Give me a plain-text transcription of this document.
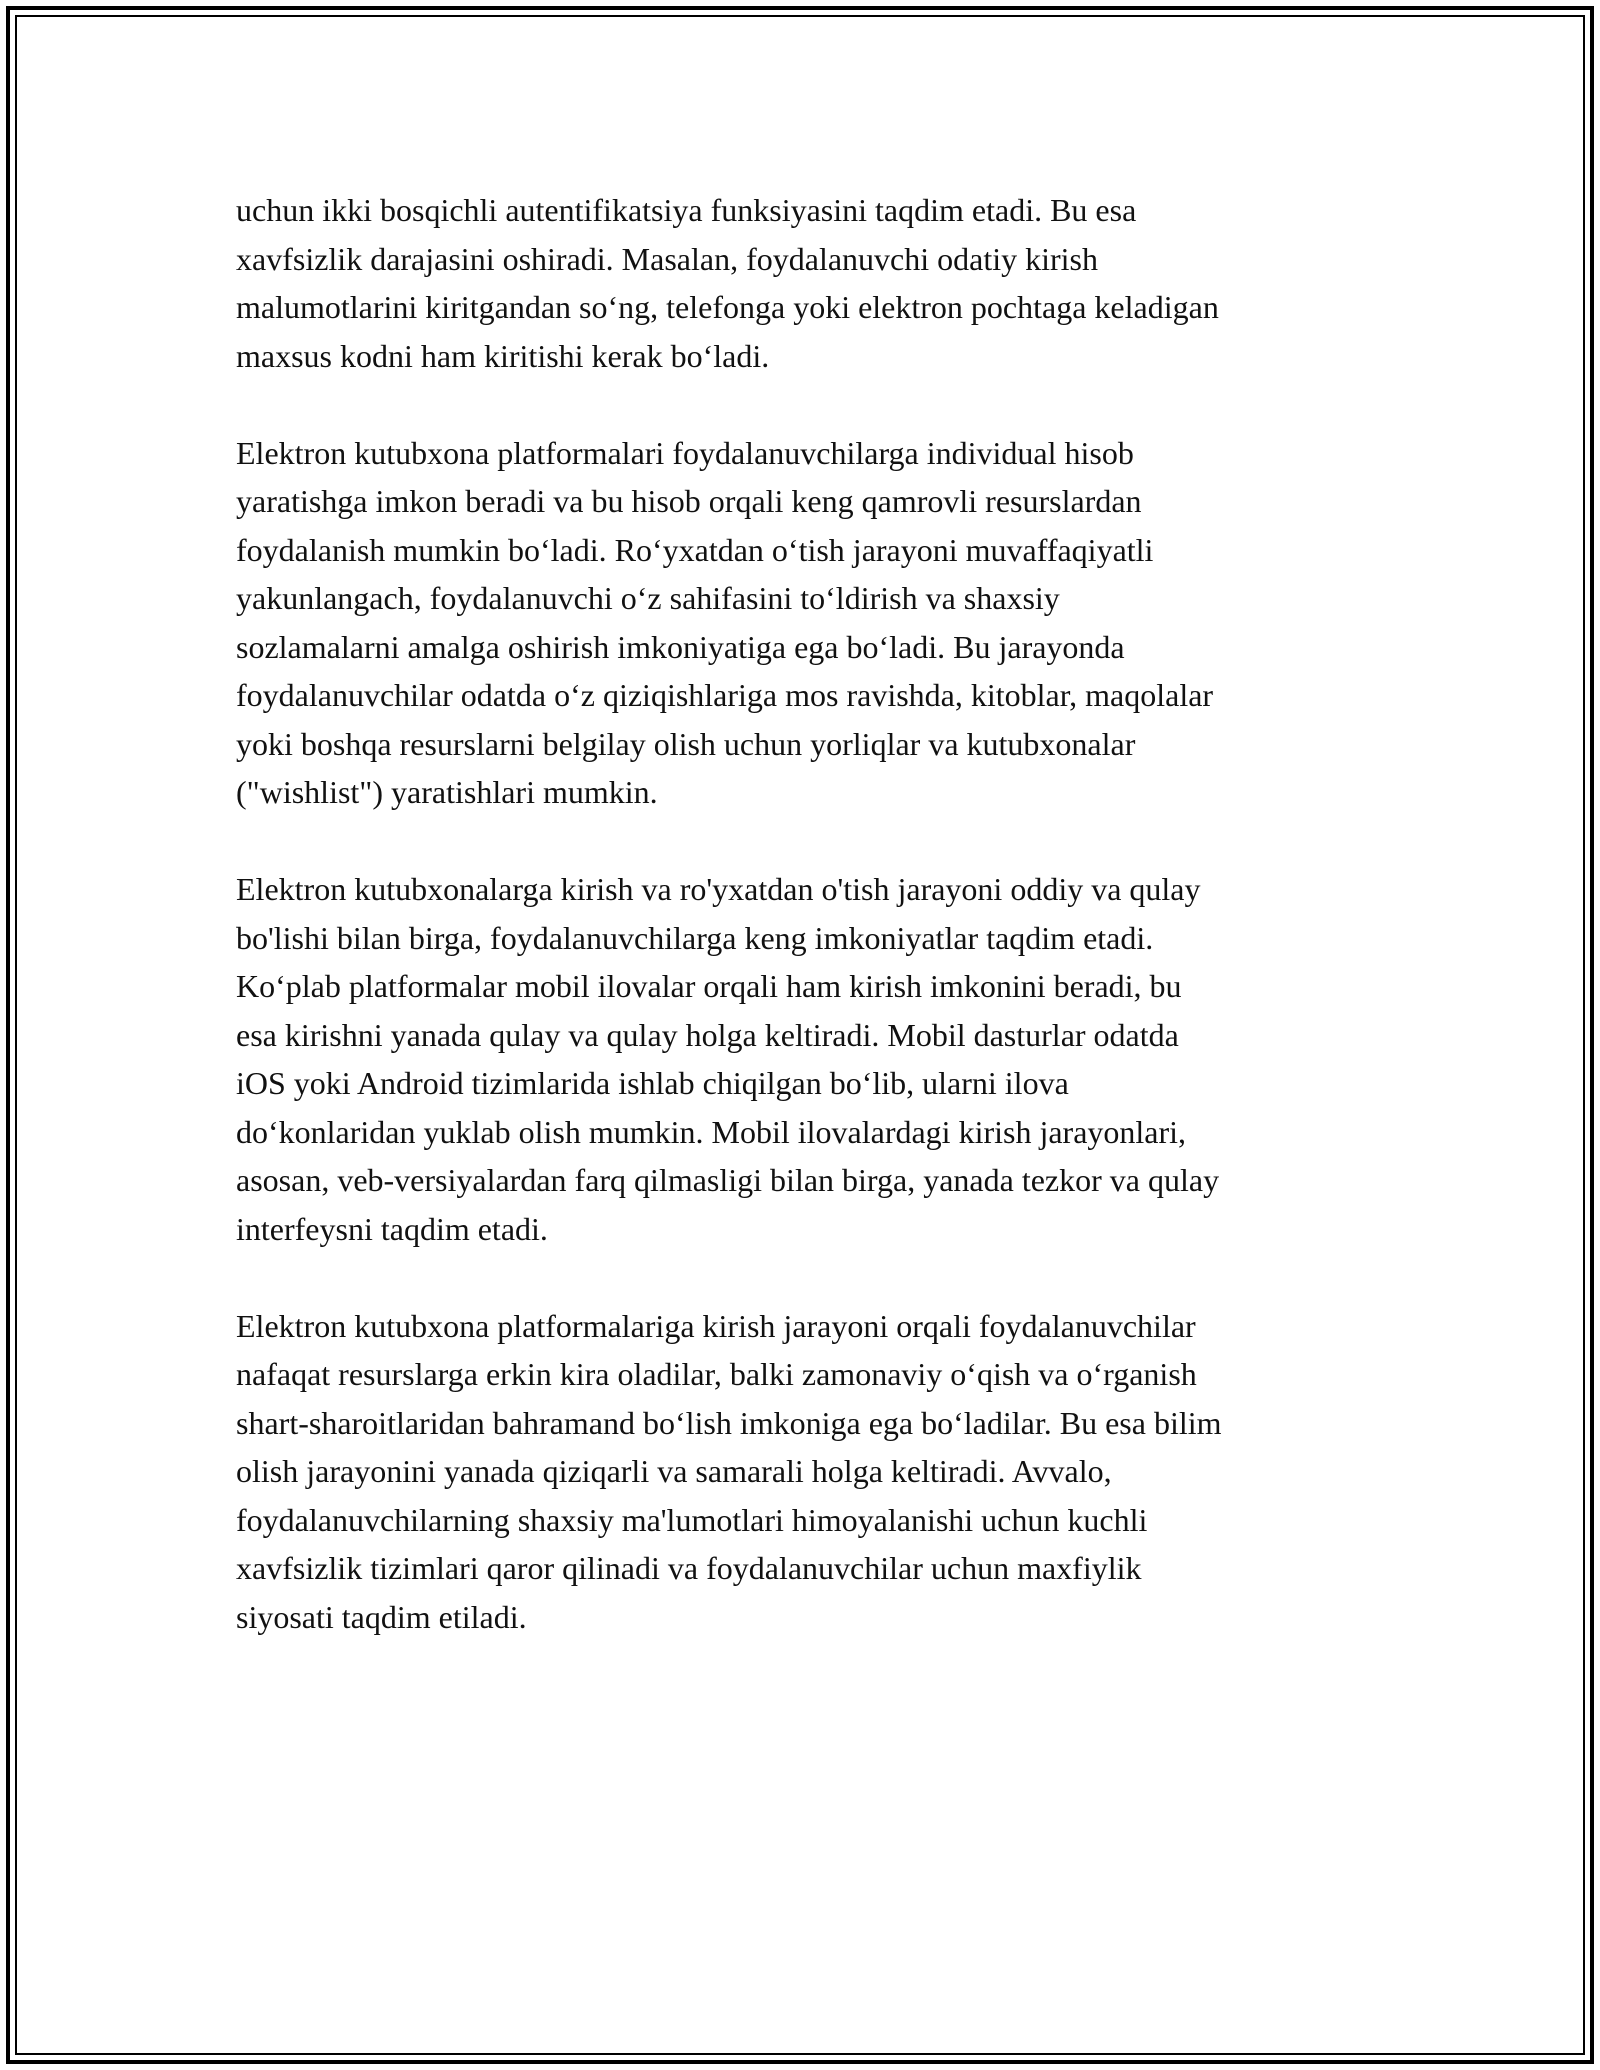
uchun ikki bosqichli autentifikatsiya funksiyasini taqdim etadi. Bu esa
xavfsizlik darajasini oshiradi. Masalan, foydalanuvchi odatiy kirish
malumotlarini kiritgandan so‘ng, telefonga yoki elektron pochtaga keladigan
maxsus kodni ham kiritishi kerak bo‘ladi.

Elektron kutubxona platformalari foydalanuvchilarga individual hisob
yaratishga imkon beradi va bu hisob orqali keng qamrovli resurslardan
foydalanish mumkin bo‘ladi. Ro‘yxatdan o‘tish jarayoni muvaffaqiyatli
yakunlangach, foydalanuvchi o‘z sahifasini to‘ldirish va shaxsiy
sozlamalarni amalga oshirish imkoniyatiga ega bo‘ladi. Bu jarayonda
foydalanuvchilar odatda o‘z qiziqishlariga mos ravishda, kitoblar, maqolalar
yoki boshqa resurslarni belgilay olish uchun yorliqlar va kutubxonalar
("wishlist") yaratishlari mumkin.

Elektron kutubxonalarga kirish va ro'yxatdan o'tish jarayoni oddiy va qulay
bo'lishi bilan birga, foydalanuvchilarga keng imkoniyatlar taqdim etadi.
Ko‘plab platformalar mobil ilovalar orqali ham kirish imkonini beradi, bu
esa kirishni yanada qulay va qulay holga keltiradi. Mobil dasturlar odatda
iOS yoki Android tizimlarida ishlab chiqilgan bo‘lib, ularni ilova
do‘konlaridan yuklab olish mumkin. Mobil ilovalardagi kirish jarayonlari,
asosan, veb-versiyalardan farq qilmasligi bilan birga, yanada tezkor va qulay
interfeysni taqdim etadi.

Elektron kutubxona platformalariga kirish jarayoni orqali foydalanuvchilar
nafaqat resurslarga erkin kira oladilar, balki zamonaviy o‘qish va o‘rganish
shart-sharoitlaridan bahramand bo‘lish imkoniga ega bo‘ladilar. Bu esa bilim
olish jarayonini yanada qiziqarli va samarali holga keltiradi. Avvalo,
foydalanuvchilarning shaxsiy ma'lumotlari himoyalanishi uchun kuchli
xavfsizlik tizimlari qaror qilinadi va foydalanuvchilar uchun maxfiylik
siyosati taqdim etiladi.
